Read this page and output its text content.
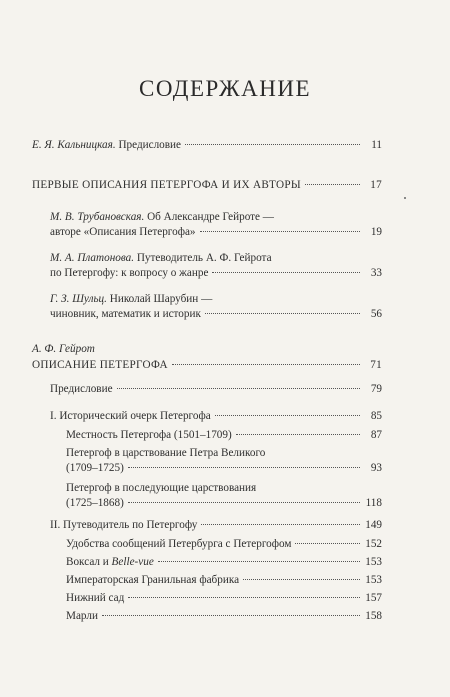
СОДЕРЖАНИЕ
Е. Я. Кальницкая. Предисловие	11
ПЕРВЫЕ ОПИСАНИЯ ПЕТЕРГОФА И ИХ АВТОРЫ	17
М. В. Трубановская. Об Александре Гейроте —
авторе «Описания Петергофа»	19
М. А. Платонова. Путеводитель А. Ф. Гейрота
по Петергофу: к вопросу о жанре	33
Г. З. Шульц. Николай Шарубин —
чиновник, математик и историк	56
А. Ф. Гейрот
ОПИСАНИЕ ПЕТЕРГОФА	71
Предисловие	79
I. Исторический очерк Петергофа	85
Местность Петергофа (1501–1709)	87
Петергоф в царствование Петра Великого
(1709–1725)	93
Петергоф в последующие царствования
(1725–1868)	118
II. Путеводитель по Петергофу	149
Удобства сообщений Петербурга с Петергофом	152
Воксал и Belle-vue	153
Императорская Гранильная фабрика	153
Нижний сад	157
Марли	158
